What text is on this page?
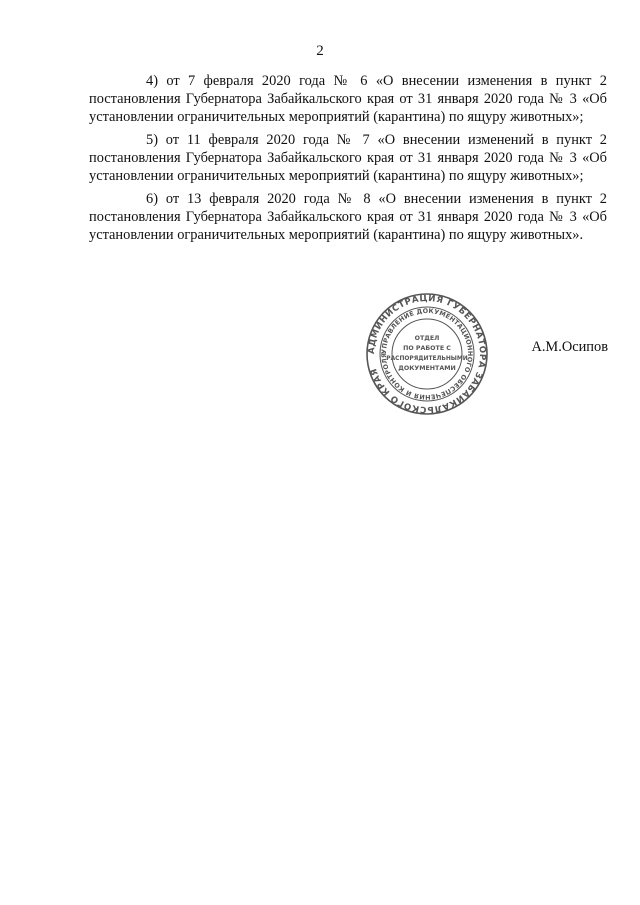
2

4) от 7 февраля 2020 года № 6 «О внесении изменения в пункт 2 постановления Губернатора Забайкальского края от 31 января 2020 года № 3 «Об установлении ограничительных мероприятий (карантина) по ящуру животных»;

5) от 11 февраля 2020 года № 7 «О внесении изменений в пункт 2 постановления Губернатора Забайкальского края от 31 января 2020 года № 3 «Об установлении ограничительных мероприятий (карантина) по ящуру животных»;

6) от 13 февраля 2020 года № 8 «О внесении изменения в пункт 2 постановления Губернатора Забайкальского края от 31 января 2020 года № 3 «Об установлении ограничительных мероприятий (карантина) по ящуру животных».

АДМИНИСТРАЦИЯ ГУБЕРНАТОРА ЗАБАЙКАЛЬСКОГО КРАЯ
УПРАВЛЕНИЕ ДОКУМЕНТАЦИОННОГО ОБЕСПЕЧЕНИЯ И КОНТРОЛЯ
ОТДЕЛ
ПО РАБОТЕ С
РАСПОРЯДИТЕЛЬНЫМИ
ДОКУМЕНТАМИ
А.М.Осипов
